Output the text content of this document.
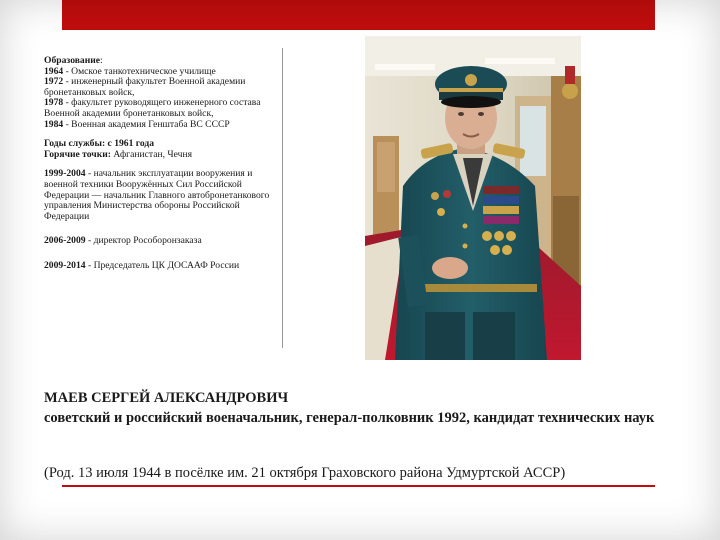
Образование:
1964 - Омское танкотехническое училище
1972 - инженерный факультет Военной академии бронетанковых войск,
1978 - факультет руководящего инженерного состава Военной академии бронетанковых войск,
1984 - Военная академия Генштаба ВС СССР
Годы службы: с 1961 года
Горячие точки: Афганистан, Чечня
1999-2004 - начальник эксплуатации вооружения и военной техники Вооружённых Сил Российской Федерации — начальник Главного автобронетанкового управления Министерства обороны Российской Федерации
2006-2009 - директор Рособоронзаказа
2009-2014 - Председатель ЦК ДОСААФ России

МАЕВ СЕРГЕЙ АЛЕКСАНДРОВИЧ

советский и российский военачальник, генерал-полковник 1992, кандидат технических наук

(Род. 13 июля 1944 в посёлке им. 21 октября Граховского района Удмуртской АССР)
